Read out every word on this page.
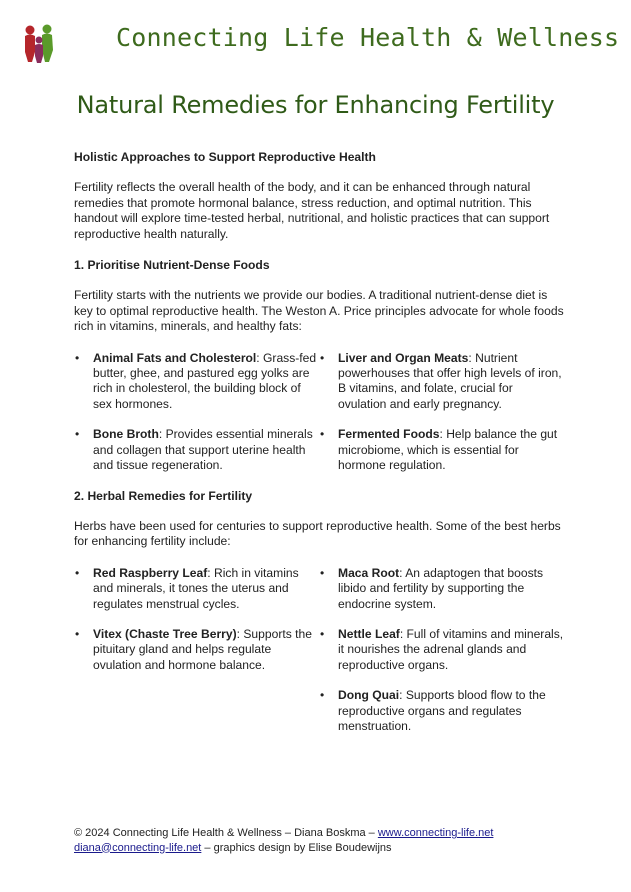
Connecting Life Health & Wellness
Natural Remedies for Enhancing Fertility

Holistic Approaches to Support Reproductive Health

Fertility reflects the overall health of the body, and it can be enhanced through natural remedies that promote hormonal balance, stress reduction, and optimal nutrition. This handout will explore time-tested herbal, nutritional, and holistic practices that can support reproductive health naturally.

1. Prioritise Nutrient-Dense Foods

Fertility starts with the nutrients we provide our bodies. A traditional nutrient-dense diet is key to optimal reproductive health. The Weston A. Price principles advocate for whole foods rich in vitamins, minerals, and healthy fats:

• Animal Fats and Cholesterol: Grass-fed butter, ghee, and pastured egg yolks are rich in cholesterol, the building block of sex hormones.
• Bone Broth: Provides essential minerals and collagen that support uterine health and tissue regeneration.
• Liver and Organ Meats: Nutrient powerhouses that offer high levels of iron, B vitamins, and folate, crucial for ovulation and early pregnancy.
• Fermented Foods: Help balance the gut microbiome, which is essential for hormone regulation.

2. Herbal Remedies for Fertility

Herbs have been used for centuries to support reproductive health. Some of the best herbs for enhancing fertility include:

• Red Raspberry Leaf: Rich in vitamins and minerals, it tones the uterus and regulates menstrual cycles.
• Vitex (Chaste Tree Berry): Supports the pituitary gland and helps regulate ovulation and hormone balance.
• Maca Root: An adaptogen that boosts libido and fertility by supporting the endocrine system.
• Nettle Leaf: Full of vitamins and minerals, it nourishes the adrenal glands and reproductive organs.
• Dong Quai: Supports blood flow to the reproductive organs and regulates menstruation.
© 2024 Connecting Life Health & Wellness – Diana Boskma – www.connecting-life.net
diana@connecting-life.net – graphics design by Elise Boudewijns
